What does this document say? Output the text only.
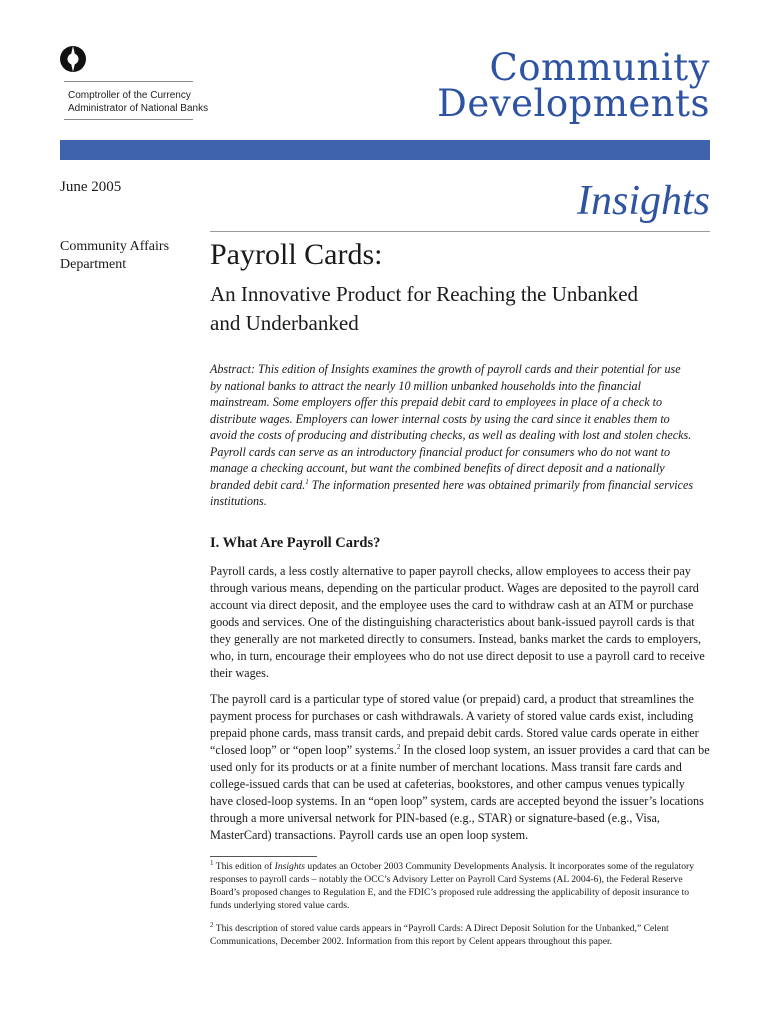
Comptroller of the Currency
Administrator of National Banks
Community
Developments
June 2005	Insights
Community Affairs
Department	Payroll Cards:
An Innovative Product for Reaching the Unbanked
and Underbanked
Abstract: This edition of Insights examines the growth of payroll cards and their potential for use by national banks to attract the nearly 10 million unbanked households into the financial mainstream. Some employers offer this prepaid debit card to employees in place of a check to distribute wages. Employers can lower internal costs by using the card since it enables them to avoid the costs of producing and distributing checks, as well as dealing with lost and stolen checks. Payroll cards can serve as an introductory financial product for consumers who do not want to manage a checking account, but want the combined benefits of direct deposit and a nationally branded debit card.$^1$ The information presented here was obtained primarily from financial services institutions.
I. What Are Payroll Cards?
Payroll cards, a less costly alternative to paper payroll checks, allow employees to access their pay through various means, depending on the particular product. Wages are deposited to the payroll card account via direct deposit, and the employee uses the card to withdraw cash at an ATM or purchase goods and services. One of the distinguishing characteristics about bank-issued payroll cards is that they generally are not marketed directly to consumers. Instead, banks market the cards to employers, who, in turn, encourage their employees who do not use direct deposit to use a payroll card to receive their wages.
The payroll card is a particular type of stored value (or prepaid) card, a product that streamlines the payment process for purchases or cash withdrawals. A variety of stored value cards exist, including prepaid phone cards, mass transit cards, and prepaid debit cards. Stored value cards operate in either “closed loop” or “open loop” systems.$^2$ In the closed loop system, an issuer provides a card that can be used only for its products or at a finite number of merchant locations. Mass transit fare cards and college-issued cards that can be used at cafeterias, bookstores, and other campus venues typically have closed-loop systems. In an “open loop” system, cards are accepted beyond the issuer’s locations through a more universal network for PIN-based (e.g., STAR) or signature-based (e.g., Visa, MasterCard) transactions. Payroll cards use an open loop system.
$^1$ This edition of Insights updates an October 2003 Community Developments Analysis. It incorporates some of the regulatory responses to payroll cards – notably the OCC’s Advisory Letter on Payroll Card Systems (AL 2004-6), the Federal Reserve Board’s proposed changes to Regulation E, and the FDIC’s proposed rule addressing the applicability of deposit insurance to funds underlying stored value cards.
$^2$ This description of stored value cards appears in “Payroll Cards: A Direct Deposit Solution for the Unbanked,” Celent Communications, December 2002. Information from this report by Celent appears throughout this paper.
